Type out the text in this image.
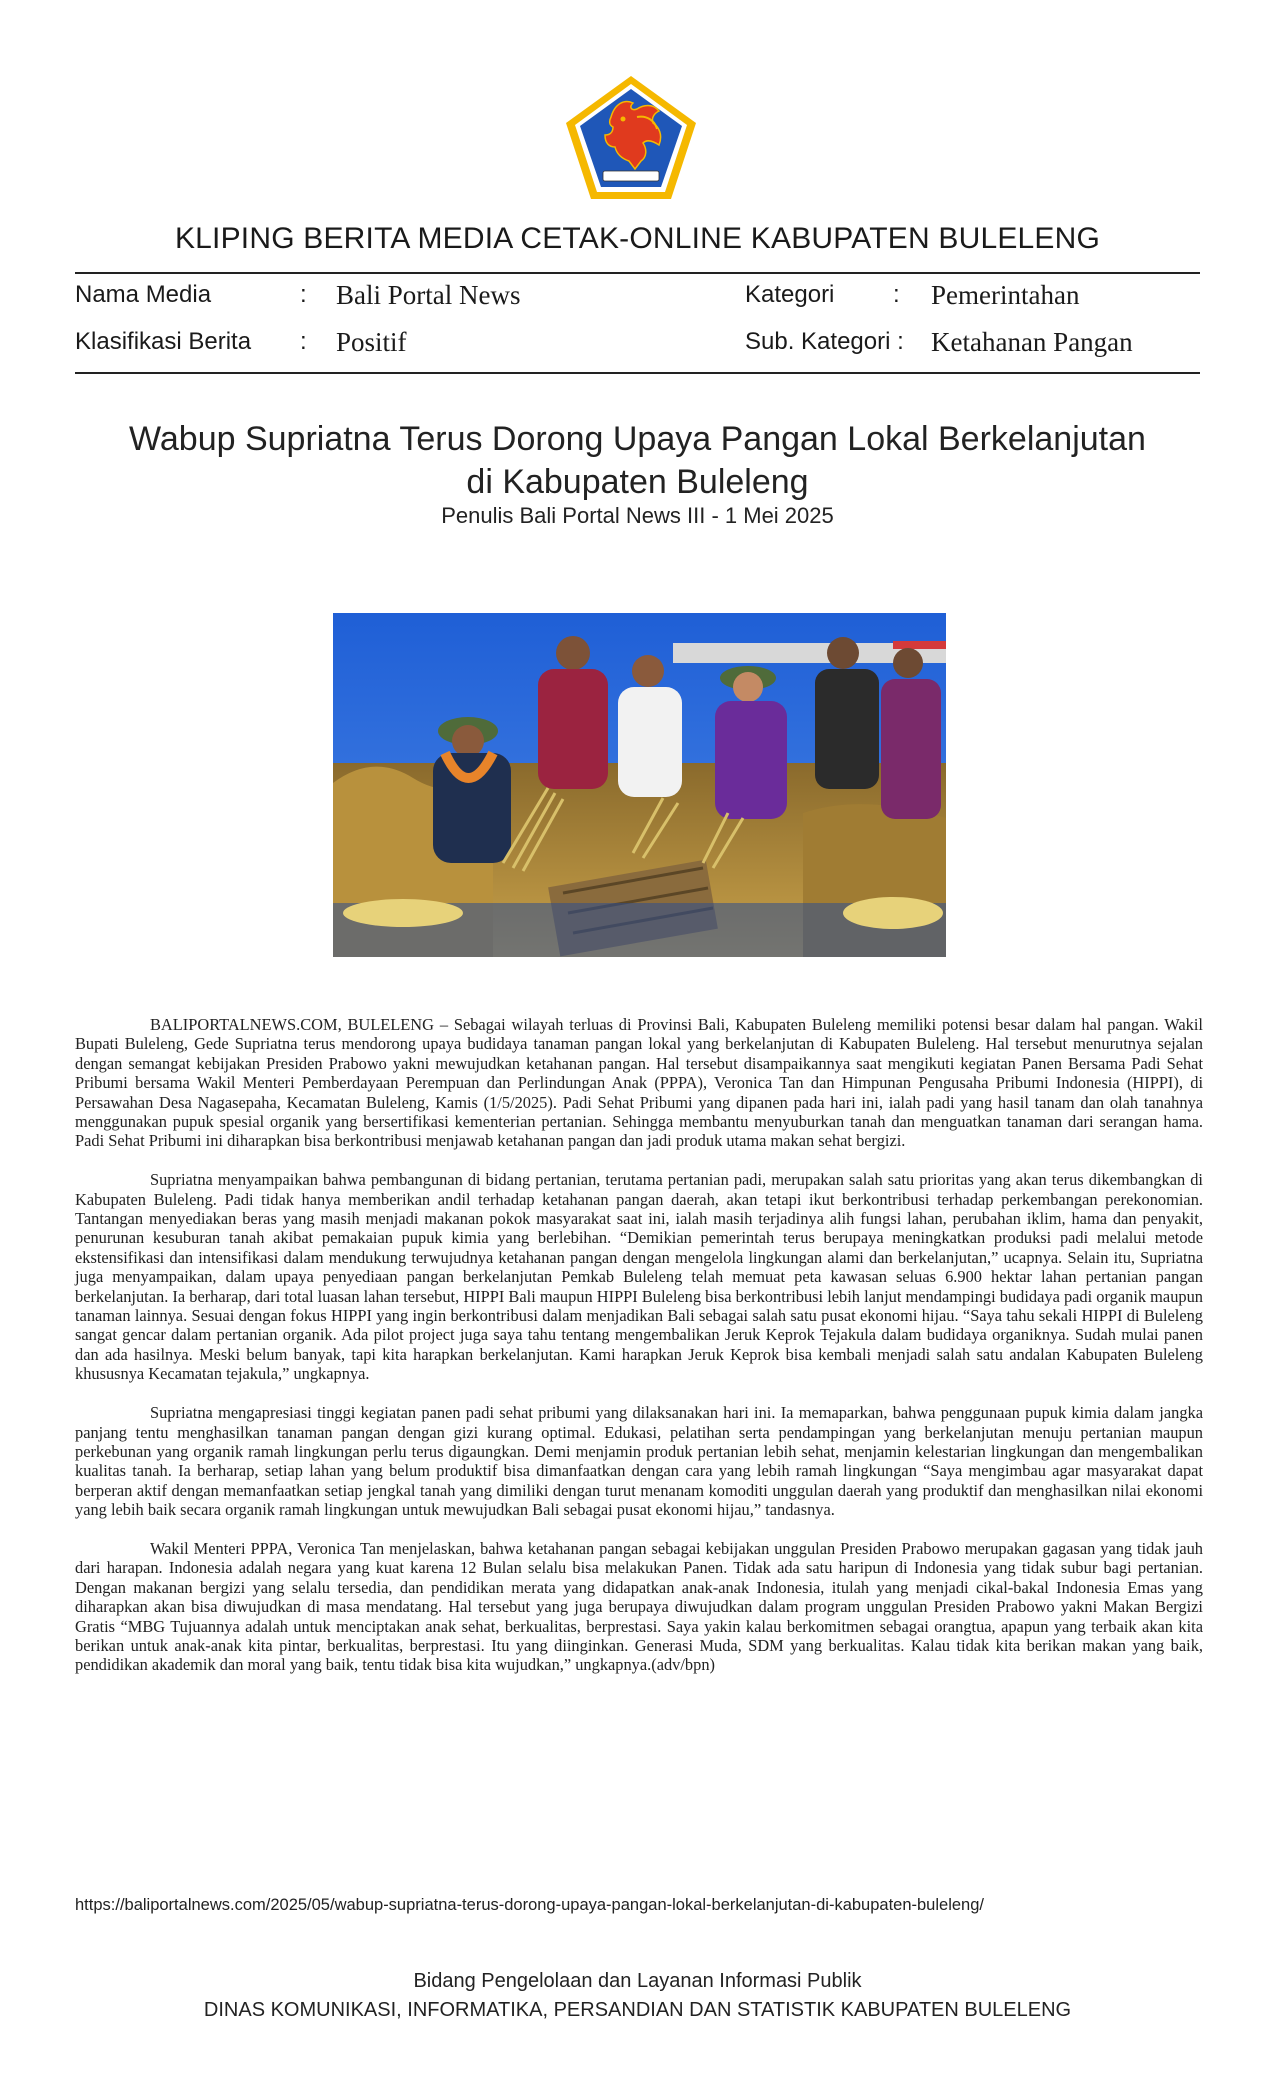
KLIPING BERITA MEDIA CETAK-ONLINE KABUPATEN BULELENG
Nama Media	: Bali Portal News	Kategori : Pemerintahan
Klasifikasi Berita : Positif	Sub. Kategori : Ketahanan Pangan
Wabup Supriatna Terus Dorong Upaya Pangan Lokal Berkelanjutan
di Kabupaten Buleleng
Penulis Bali Portal News III - 1 Mei 2025

BALIPORTALNEWS.COM, BULELENG – Sebagai wilayah terluas di Provinsi Bali, Kabupaten Buleleng memiliki potensi besar dalam hal pangan. Wakil Bupati Buleleng, Gede Supriatna terus mendorong upaya budidaya tanaman pangan lokal yang berkelanjutan di Kabupaten Buleleng. Hal tersebut menurutnya sejalan dengan semangat kebijakan Presiden Prabowo yakni mewujudkan ketahanan pangan. Hal tersebut disampaikannya saat mengikuti kegiatan Panen Bersama Padi Sehat Pribumi bersama Wakil Menteri Pemberdayaan Perempuan dan Perlindungan Anak (PPPA), Veronica Tan dan Himpunan Pengusaha Pribumi Indonesia (HIPPI), di Persawahan Desa Nagasepaha, Kecamatan Buleleng, Kamis (1/5/2025). Padi Sehat Pribumi yang dipanen pada hari ini, ialah padi yang hasil tanam dan olah tanahnya menggunakan pupuk spesial organik yang bersertifikasi kementerian pertanian. Sehingga membantu menyuburkan tanah dan menguatkan tanaman dari serangan hama. Padi Sehat Pribumi ini diharapkan bisa berkontribusi menjawab ketahanan pangan dan jadi produk utama makan sehat bergizi.

Supriatna menyampaikan bahwa pembangunan di bidang pertanian, terutama pertanian padi, merupakan salah satu prioritas yang akan terus dikembangkan di Kabupaten Buleleng. Padi tidak hanya memberikan andil terhadap ketahanan pangan daerah, akan tetapi ikut berkontribusi terhadap perkembangan perekonomian. Tantangan menyediakan beras yang masih menjadi makanan pokok masyarakat saat ini, ialah masih terjadinya alih fungsi lahan, perubahan iklim, hama dan penyakit, penurunan kesuburan tanah akibat pemakaian pupuk kimia yang berlebihan. “Demikian pemerintah terus berupaya meningkatkan produksi padi melalui metode ekstensifikasi dan intensifikasi dalam mendukung terwujudnya ketahanan pangan dengan mengelola lingkungan alami dan berkelanjutan,” ucapnya. Selain itu, Supriatna juga menyampaikan, dalam upaya penyediaan pangan berkelanjutan Pemkab Buleleng telah memuat peta kawasan seluas 6.900 hektar lahan pertanian pangan berkelanjutan. Ia berharap, dari total luasan lahan tersebut, HIPPI Bali maupun HIPPI Buleleng bisa berkontribusi lebih lanjut mendampingi budidaya padi organik maupun tanaman lainnya. Sesuai dengan fokus HIPPI yang ingin berkontribusi dalam menjadikan Bali sebagai salah satu pusat ekonomi hijau. “Saya tahu sekali HIPPI di Buleleng sangat gencar dalam pertanian organik. Ada pilot project juga saya tahu tentang mengembalikan Jeruk Keprok Tejakula dalam budidaya organiknya. Sudah mulai panen dan ada hasilnya. Meski belum banyak, tapi kita harapkan berkelanjutan. Kami harapkan Jeruk Keprok bisa kembali menjadi salah satu andalan Kabupaten Buleleng khususnya Kecamatan tejakula,” ungkapnya.

Supriatna mengapresiasi tinggi kegiatan panen padi sehat pribumi yang dilaksanakan hari ini. Ia memaparkan, bahwa penggunaan pupuk kimia dalam jangka panjang tentu menghasilkan tanaman pangan dengan gizi kurang optimal. Edukasi, pelatihan serta pendampingan yang berkelanjutan menuju pertanian maupun perkebunan yang organik ramah lingkungan perlu terus digaungkan. Demi menjamin produk pertanian lebih sehat, menjamin kelestarian lingkungan dan mengembalikan kualitas tanah. Ia berharap, setiap lahan yang belum produktif bisa dimanfaatkan dengan cara yang lebih ramah lingkungan “Saya mengimbau agar masyarakat dapat berperan aktif dengan memanfaatkan setiap jengkal tanah yang dimiliki dengan turut menanam komoditi unggulan daerah yang produktif dan menghasilkan nilai ekonomi yang lebih baik secara organik ramah lingkungan untuk mewujudkan Bali sebagai pusat ekonomi hijau,” tandasnya.

Wakil Menteri PPPA, Veronica Tan menjelaskan, bahwa ketahanan pangan sebagai kebijakan unggulan Presiden Prabowo merupakan gagasan yang tidak jauh dari harapan. Indonesia adalah negara yang kuat karena 12 Bulan selalu bisa melakukan Panen. Tidak ada satu haripun di Indonesia yang tidak subur bagi pertanian. Dengan makanan bergizi yang selalu tersedia, dan pendidikan merata yang didapatkan anak-anak Indonesia, itulah yang menjadi cikal-bakal Indonesia Emas yang diharapkan akan bisa diwujudkan di masa mendatang. Hal tersebut yang juga berupaya diwujudkan dalam program unggulan Presiden Prabowo yakni Makan Bergizi Gratis “MBG Tujuannya adalah untuk menciptakan anak sehat, berkualitas, berprestasi. Saya yakin kalau berkomitmen sebagai orangtua, apapun yang terbaik akan kita berikan untuk anak-anak kita pintar, berkualitas, berprestasi. Itu yang diinginkan. Generasi Muda, SDM yang berkualitas. Kalau tidak kita berikan makan yang baik, pendidikan akademik dan moral yang baik, tentu tidak bisa kita wujudkan,” ungkapnya.(adv/bpn)

https://baliportalnews.com/2025/05/wabup-supriatna-terus-dorong-upaya-pangan-lokal-berkelanjutan-di-kabupaten-buleleng/
Bidang Pengelolaan dan Layanan Informasi Publik
DINAS KOMUNIKASI, INFORMATIKA, PERSANDIAN DAN STATISTIK KABUPATEN BULELENG
